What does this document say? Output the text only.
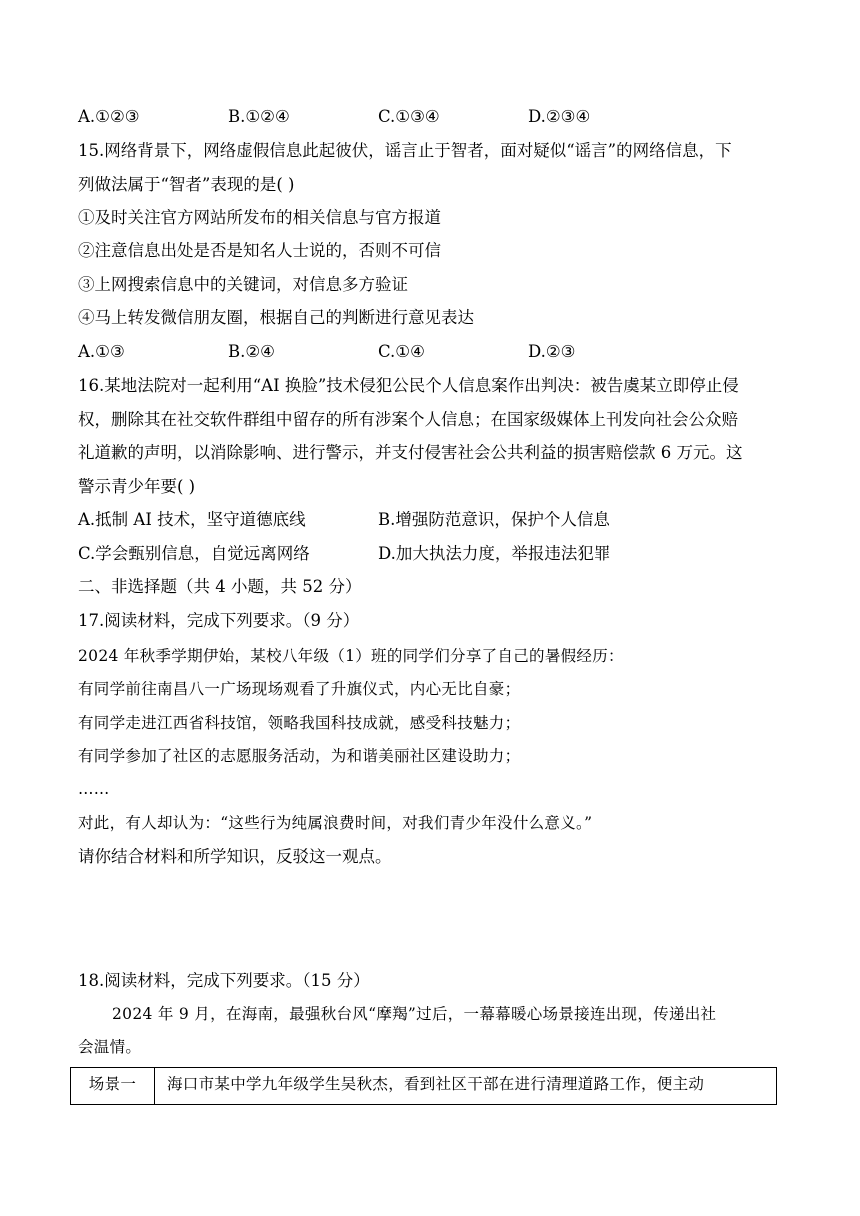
A.①②③	B.①②④	C.①③④	D.②③④
15.网络背景下，网络虚假信息此起彼伏，谣言止于智者，面对疑似“谣言”的网络信息，下
列做法属于“智者”表现的是( )
①及时关注官方网站所发布的相关信息与官方报道
②注意信息出处是否是知名人士说的，否则不可信
③上网搜索信息中的关键词，对信息多方验证
④马上转发微信朋友圈，根据自己的判断进行意见表达
A.①③	B.②④	C.①④	D.②③
16.某地法院对一起利用“AI 换脸”技术侵犯公民个人信息案作出判决：被告虞某立即停止侵
权，删除其在社交软件群组中留存的所有涉案个人信息；在国家级媒体上刊发向社会公众赔
礼道歉的声明，以消除影响、进行警示，并支付侵害社会公共利益的损害赔偿款 6 万元。这
警示青少年要( )
A.抵制 AI 技术，坚守道德底线	B.增强防范意识，保护个人信息
C.学会甄别信息，自觉远离网络	D.加大执法力度，举报违法犯罪
二、非选择题（共 4 小题，共 52 分）
17.阅读材料，完成下列要求。（9 分）
2024 年秋季学期伊始，某校八年级（1）班的同学们分享了自己的暑假经历：
有同学前往南昌八一广场现场观看了升旗仪式，内心无比自豪；
有同学走进江西省科技馆，领略我国科技成就，感受科技魅力；
有同学参加了社区的志愿服务活动，为和谐美丽社区建设助力；
……
对此，有人却认为：“这些行为纯属浪费时间，对我们青少年没什么意义。”
请你结合材料和所学知识，反驳这一观点。
18.阅读材料，完成下列要求。（15 分）
2024 年 9 月，在海南，最强秋台风“摩羯”过后，一幕幕暖心场景接连出现，传递出社
会温情。
场景一	海口市某中学九年级学生吴秋杰，看到社区干部在进行清理道路工作，便主动
